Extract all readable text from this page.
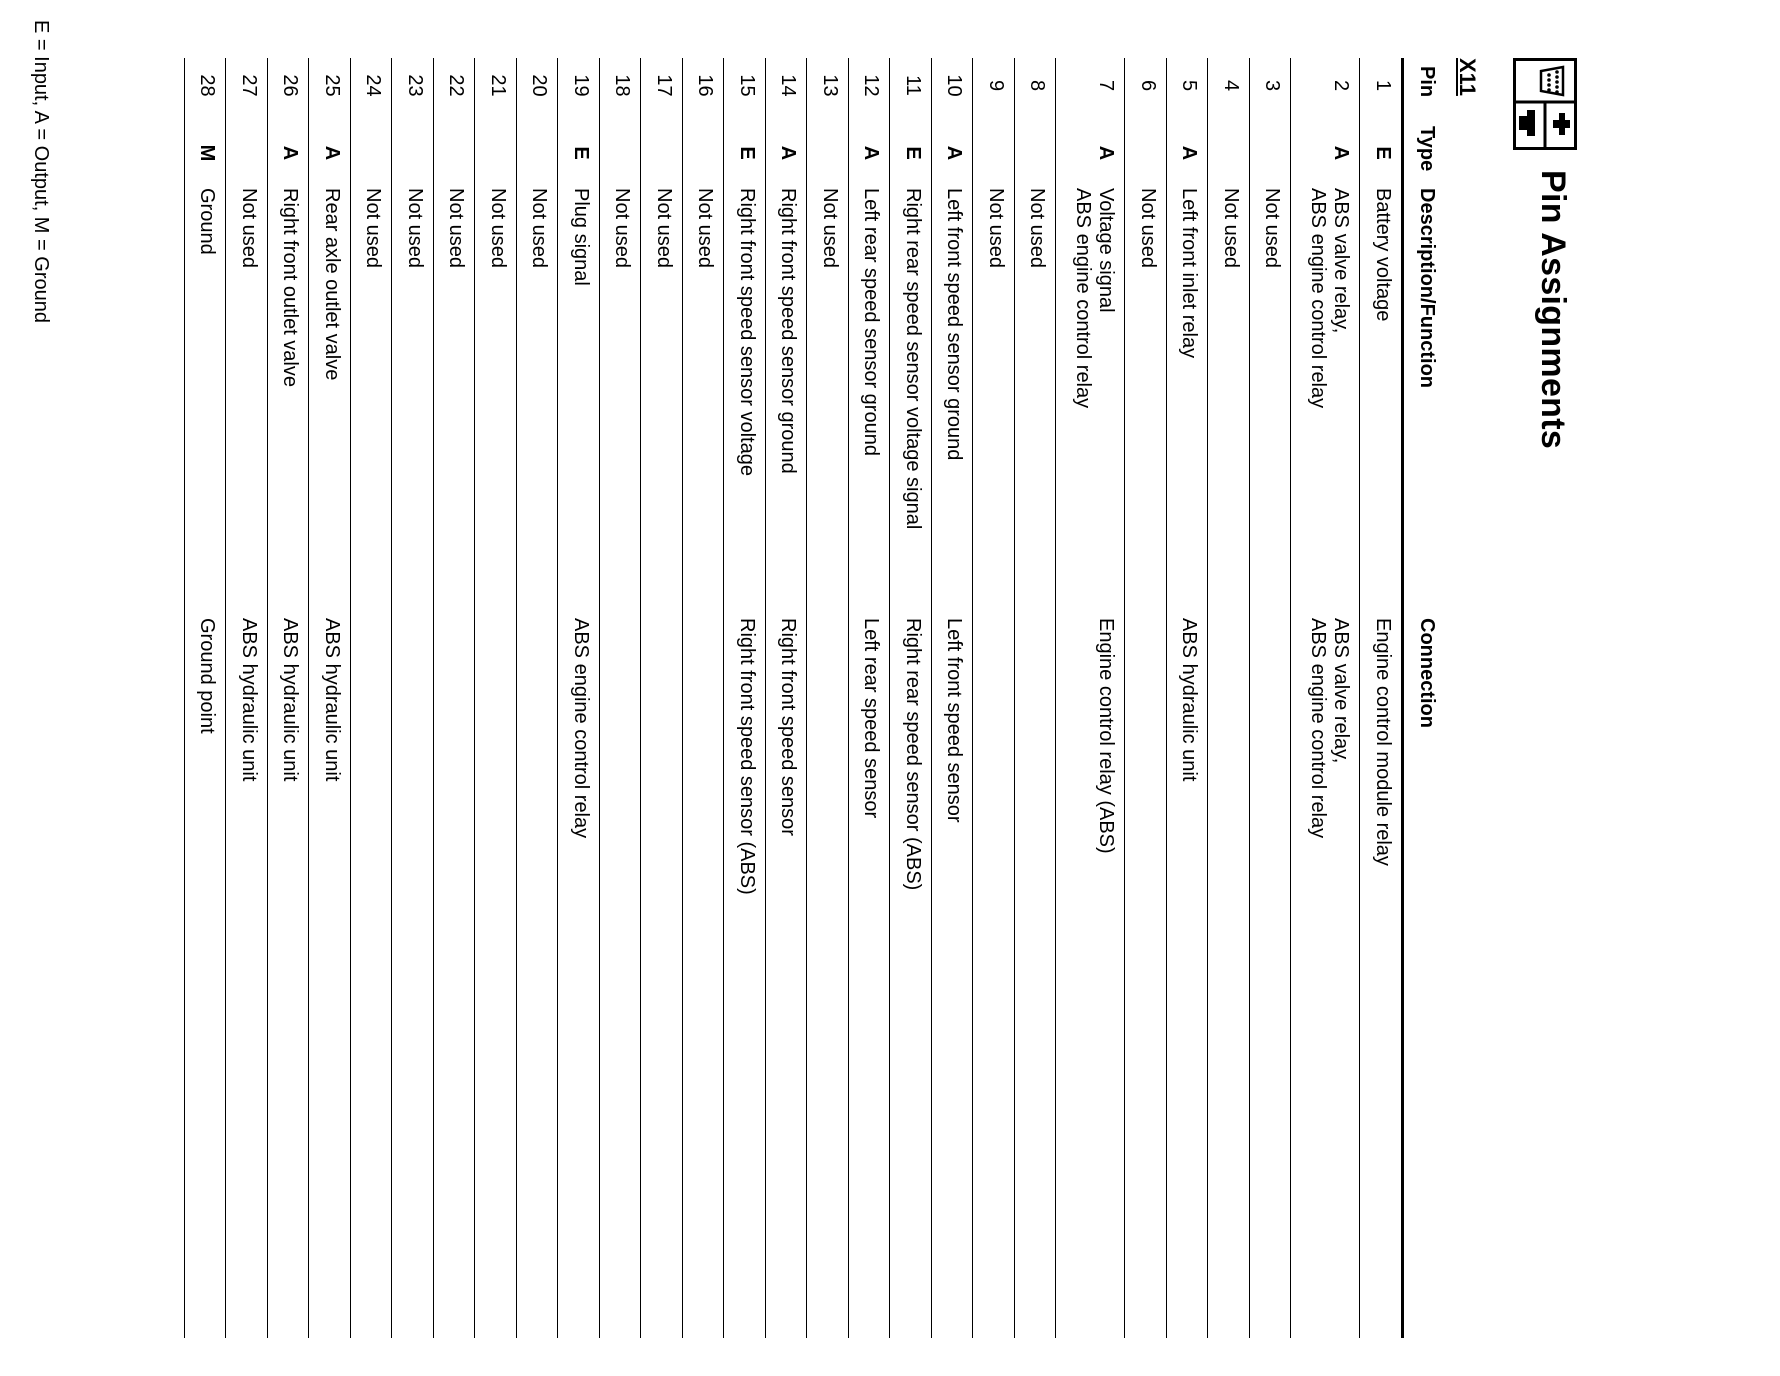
Pin Assignments
X11
Pin
Type
Description/Function
Connection
1
E
Battery voltage
Engine control module relay
2
A
ABS valve relay,
ABS engine control relay
ABS valve relay,
ABS engine control relay
3
Not used
4
Not used
5
A
Left front inlet relay
ABS hydraulic unit
6
Not used
7
A
Voltage signal
ABS engine control relay
Engine control relay (ABS)
8
Not used
9
Not used
10
A
Left front speed sensor ground
Left front speed sensor
11
E
Right rear speed sensor voltage signal
Right rear speed sensor (ABS)
12
A
Left rear speed sensor ground
Left rear speed sensor
13
Not used
14
A
Right front speed sensor ground
Right front speed sensor
15
E
Right front speed sensor voltage
Right front speed sensor (ABS)
16
Not used
17
Not used
18
Not used
19
E
Plug signal
ABS engine control relay
20
Not used
21
Not used
22
Not used
23
Not used
24
Not used
25
A
Rear axle outlet valve
ABS hydraulic unit
26
A
Right front outlet valve
ABS hydraulic unit
27
Not used
ABS hydraulic unit
28
M
Ground
Ground point
E = Input, A = Output, M = Ground
